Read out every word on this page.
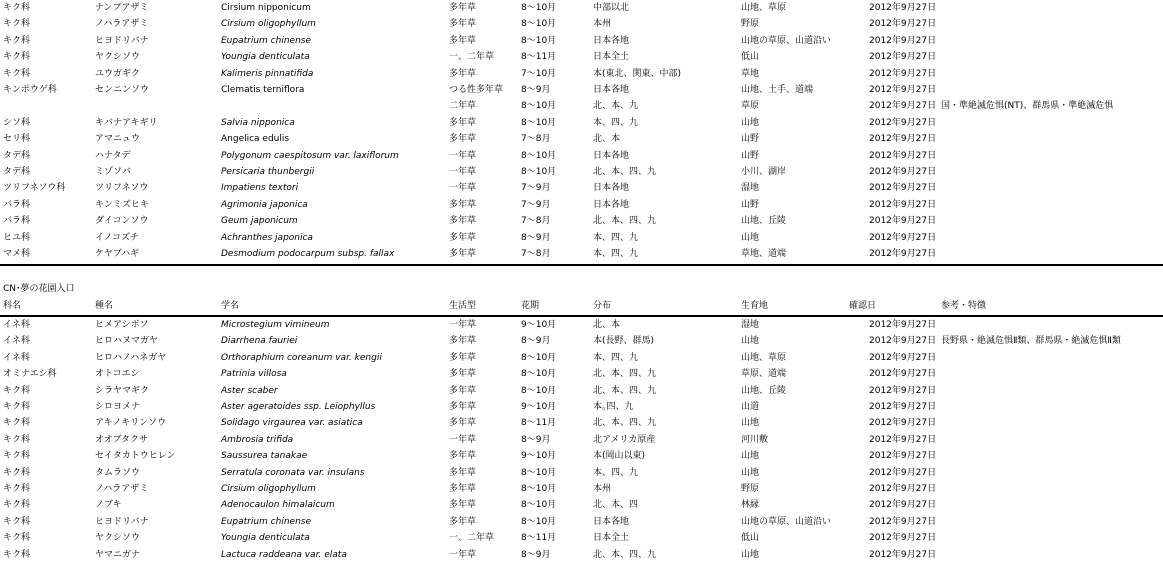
キク科	ナンブアザミ	Cirsium nipponicum	多年草	8～10月	中部以北	山地、草原		2012年9月27日	
キク科	ノハラアザミ	Cirsium oligophyllum	多年草	8～10月	本州	野原		2012年9月27日	
キク科	ヒヨドリバナ	Eupatrium chinense	多年草	8～10月	日本各地	山地の草原、山道沿い		2012年9月27日	
キク科	ヤクシソウ	Youngia denticulata	一、二年草	8～11月	日本全土	低山		2012年9月27日	
キク科	ユウガギク	Kalimeris pinnatifida	多年草	7～10月	本(東北、関東、中部)	草地		2012年9月27日	
キンポウゲ科	センニンソウ	Clematis terniflora	つる性多年草	8～9月	日本各地	山地、土手、道端		2012年9月27日	
			二年草	8～10月	北、本、九	草原		2012年9月27日	国・準絶滅危惧(NT)、群馬県・準絶滅危惧
シソ科	キバナアキギリ	Salvia nipponica	多年草	8～10月	本、四、九	山地		2012年9月27日	
セリ科	アマニュウ	Angelica edulis	多年草	7～8月	北、本	山野		2012年9月27日	
タデ科	ハナタデ	Polygonum caespitosum var. laxiflorum	一年草	8～10月	日本各地	山野		2012年9月27日	
タデ科	ミゾソバ	Persicaria thunbergii	一年草	8～10月	北、本、四、九	小川、湖岸		2012年9月27日	
ツリフネソウ科	ツリフネソウ	Impatiens textori	一年草	7～9月	日本各地	湿地		2012年9月27日	
バラ科	キンミズヒキ	Agrimonia japonica	多年草	7～9月	日本各地	山野		2012年9月27日	
バラ科	ダイコンソウ	Geum japonicum	多年草	7～8月	北、本、四、九	山地、丘陵		2012年9月27日	
ヒユ科	イノコズチ	Achranthes japonica	多年草	8～9月	本、四、九	山地		2012年9月27日	
マメ科	ケヤブハギ	Desmodium podocarpum subsp. fallax	多年草	7～8月	本、四、九	草地、道端		2012年9月27日	
CN･夢の花園入口
科名	種名	学名	生活型	花期	分布	生育地	確認日	参考・特徴
イネ科	ヒメアシボソ	Microstegium vimineum	一年草	9～10月	北、本	湿地		2012年9月27日	
イネ科	ヒロハヌマガヤ	Diarrhena fauriei	多年草	8～9月	本(長野、群馬)	山地		2012年9月27日	長野県・絶滅危惧Ⅱ類、群馬県・絶滅危惧Ⅱ類
イネ科	ヒロハノハネガヤ	Orthoraphium coreanum var. kengii	多年草	8～10月	本、四、九	山地、草原		2012年9月27日	
オミナエシ科	オトコエシ	Patrinia villosa	多年草	8～10月	北、本、四、九	草原、道端		2012年9月27日	
キク科	シラヤマギク	Aster scaber	多年草	8～10月	北、本、四、九	山地、丘陵		2012年9月27日	
キク科	シロヨメナ	Aster ageratoides ssp. Leiophyllus	多年草	9～10月	本｡四、九	山道		2012年9月27日	
キク科	アキノキリンソウ	Solidago virgaurea var. asiatica	多年草	8～11月	北、本、四、九	山地		2012年9月27日	
キク科	オオブタクサ	Ambrosia trifida	一年草	8～9月	北アメリカ原産	河川敷		2012年9月27日	
キク科	セイタカトウヒレン	Saussurea tanakae	多年草	9～10月	本(岡山以東)	山地		2012年9月27日	
キク科	タムラソウ	Serratula coronata var. insulans	多年草	8～10月	本、四、九	山地		2012年9月27日	
キク科	ノハラアザミ	Cirsium oligophyllum	多年草	8～10月	本州	野原		2012年9月27日	
キク科	ノブキ	Adenocaulon himalaicum	多年草	8～10月	北、本、四	林縁		2012年9月27日	
キク科	ヒヨドリバナ	Eupatrium chinense	多年草	8～10月	日本各地	山地の草原、山道沿い		2012年9月27日	
キク科	ヤクシソウ	Youngia denticulata	一、二年草	8～11月	日本全土	低山		2012年9月27日	
キク科	ヤマニガナ	Lactuca raddeana var. elata	一年草	8～9月	北、本、四、九	山地		2012年9月27日	
